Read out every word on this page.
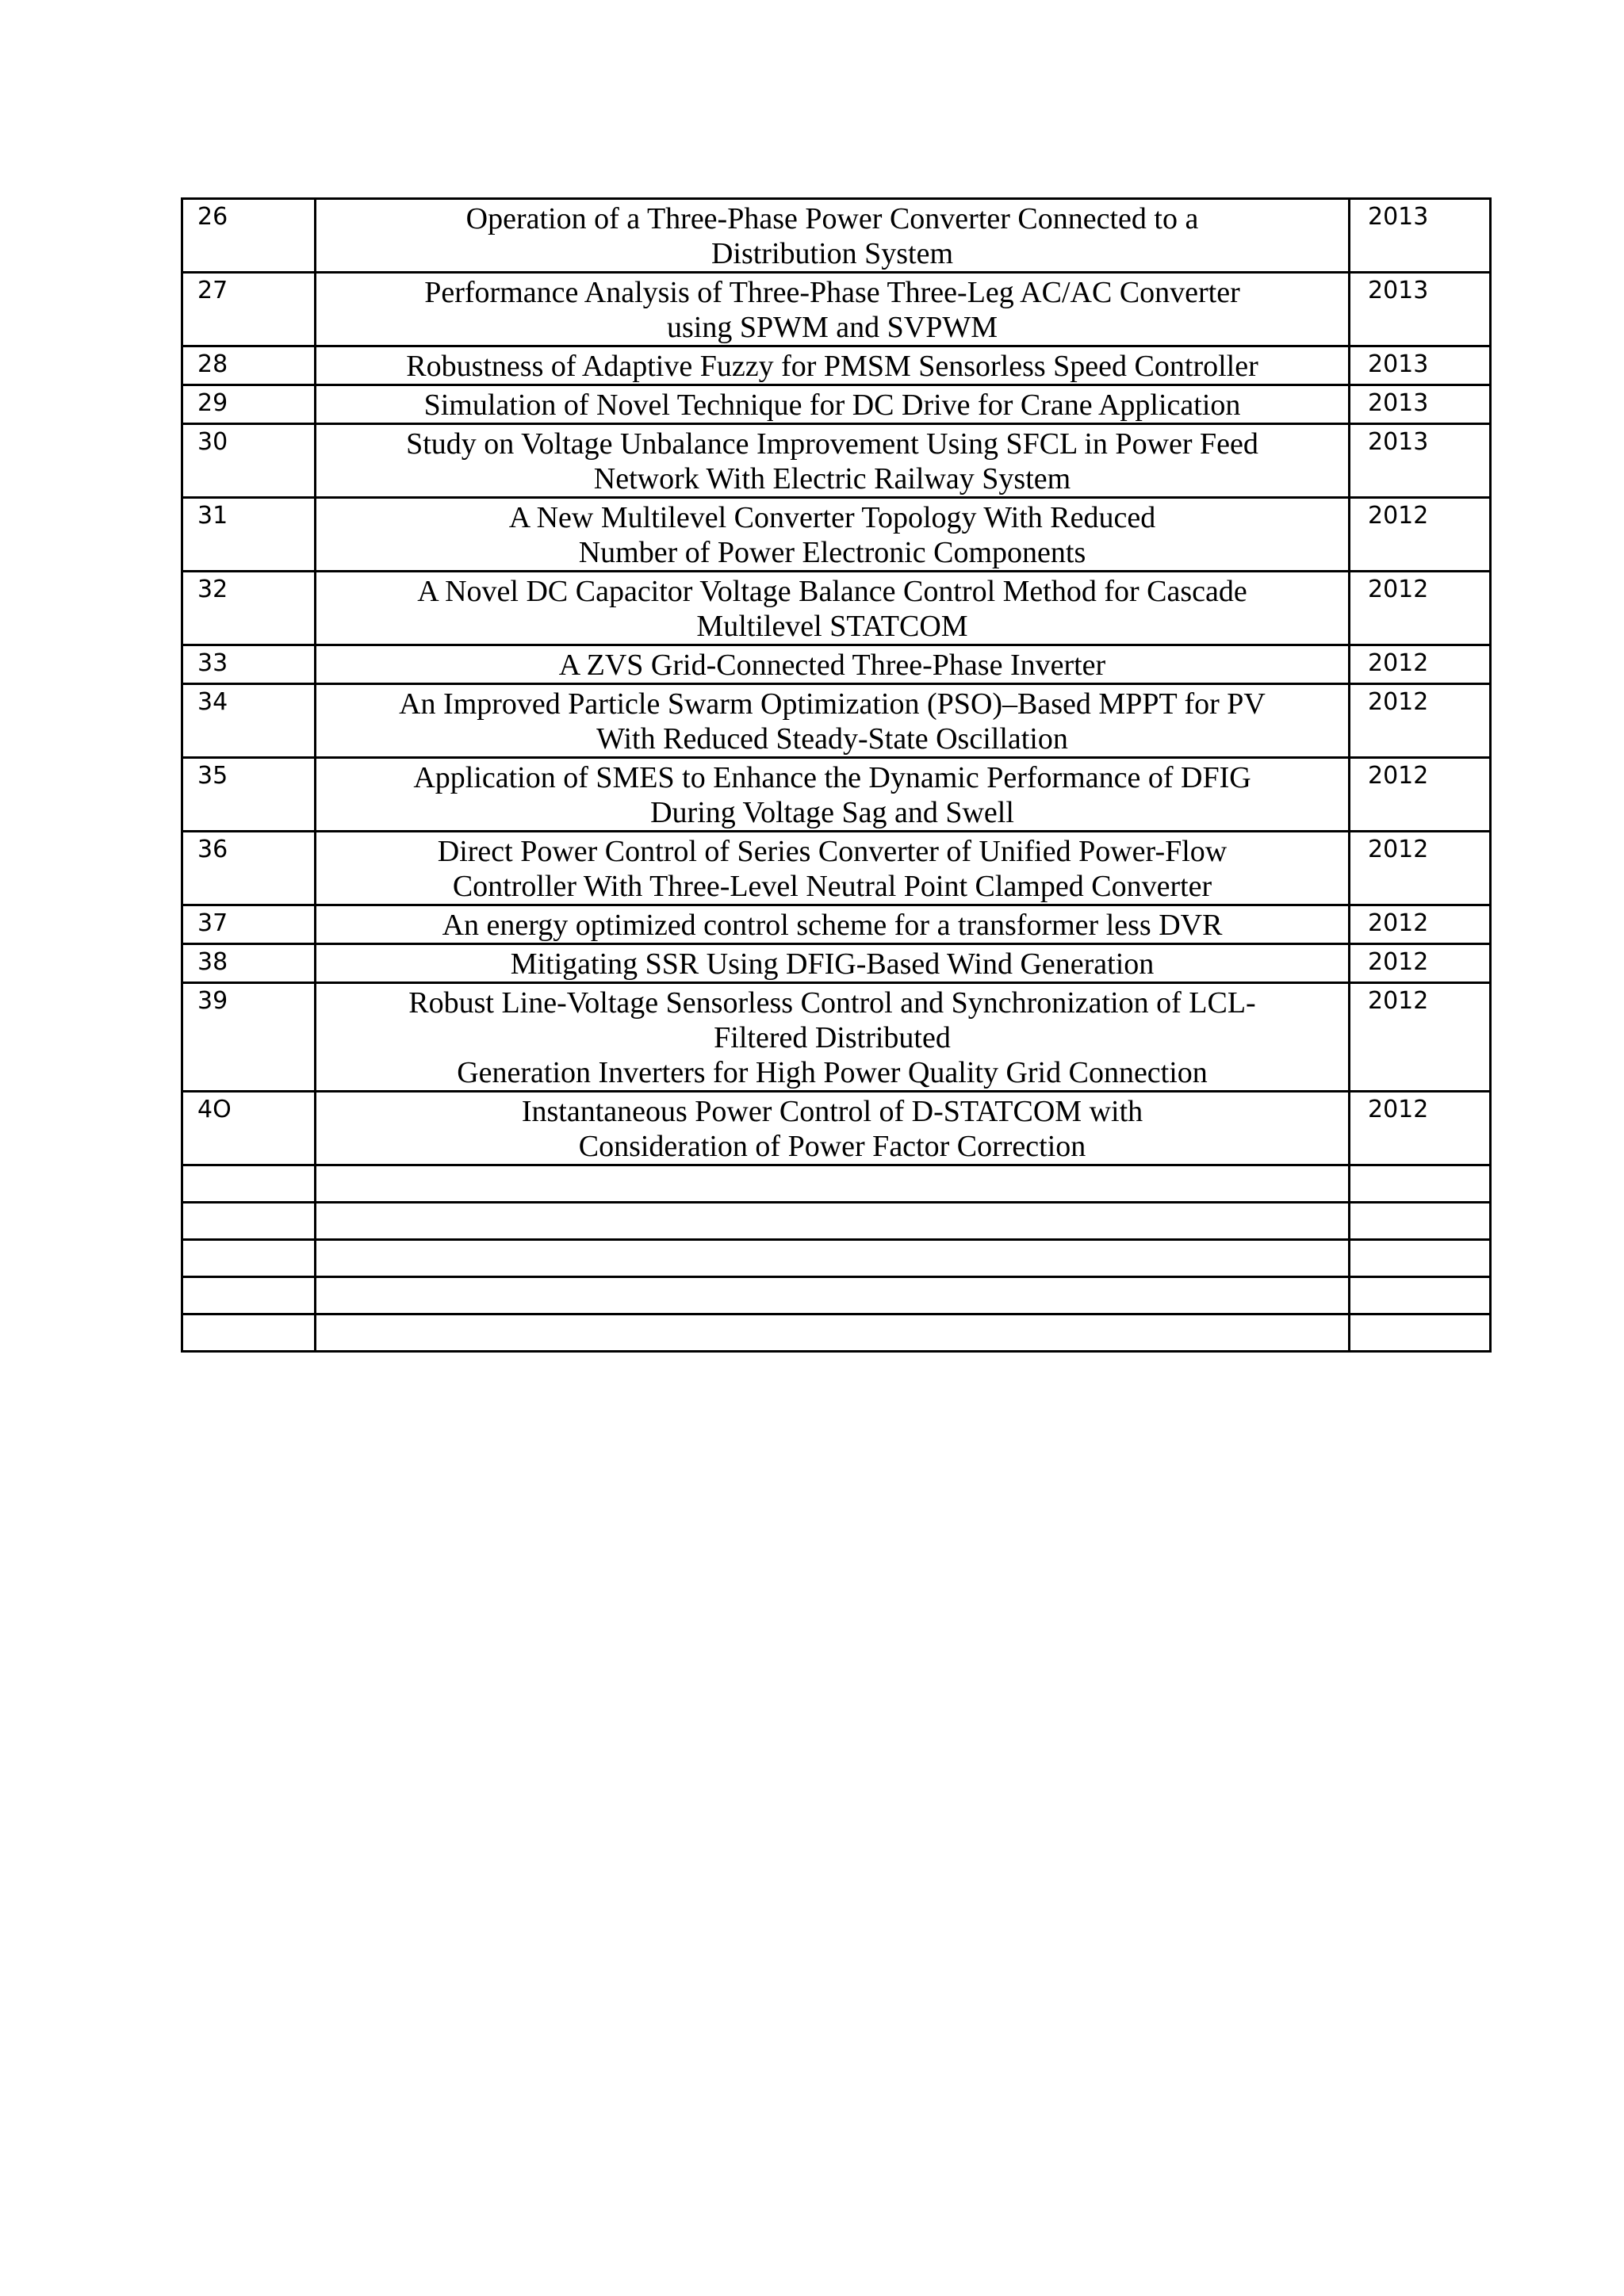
26	Operation of a Three-Phase Power Converter Connected to a
Distribution System	2013
27	Performance Analysis of Three-Phase Three-Leg AC/AC Converter
using SPWM and SVPWM	2013
28	Robustness of Adaptive Fuzzy for PMSM Sensorless Speed Controller	2013
29	Simulation of Novel Technique for DC Drive for Crane Application	2013
30	Study on Voltage Unbalance Improvement Using SFCL in Power Feed
Network With Electric Railway System	2013
31	A New Multilevel Converter Topology With Reduced
Number of Power Electronic Components	2012
32	A Novel DC Capacitor Voltage Balance Control Method for Cascade
Multilevel STATCOM	2012
33	A ZVS Grid-Connected Three-Phase Inverter	2012
34	An Improved Particle Swarm Optimization (PSO)–Based MPPT for PV
With Reduced Steady-State Oscillation	2012
35	Application of SMES to Enhance the Dynamic Performance of DFIG
During Voltage Sag and Swell	2012
36	Direct Power Control of Series Converter of Unified Power-Flow
Controller With Three-Level Neutral Point Clamped Converter	2012
37	An energy optimized control scheme for a transformer less DVR	2012
38	Mitigating SSR Using DFIG-Based Wind Generation	2012
39	Robust Line-Voltage Sensorless Control and Synchronization of LCL-
Filtered Distributed
Generation Inverters for High Power Quality Grid Connection	2012
4O	Instantaneous Power Control of D-STATCOM with
Consideration of Power Factor Correction	2012
